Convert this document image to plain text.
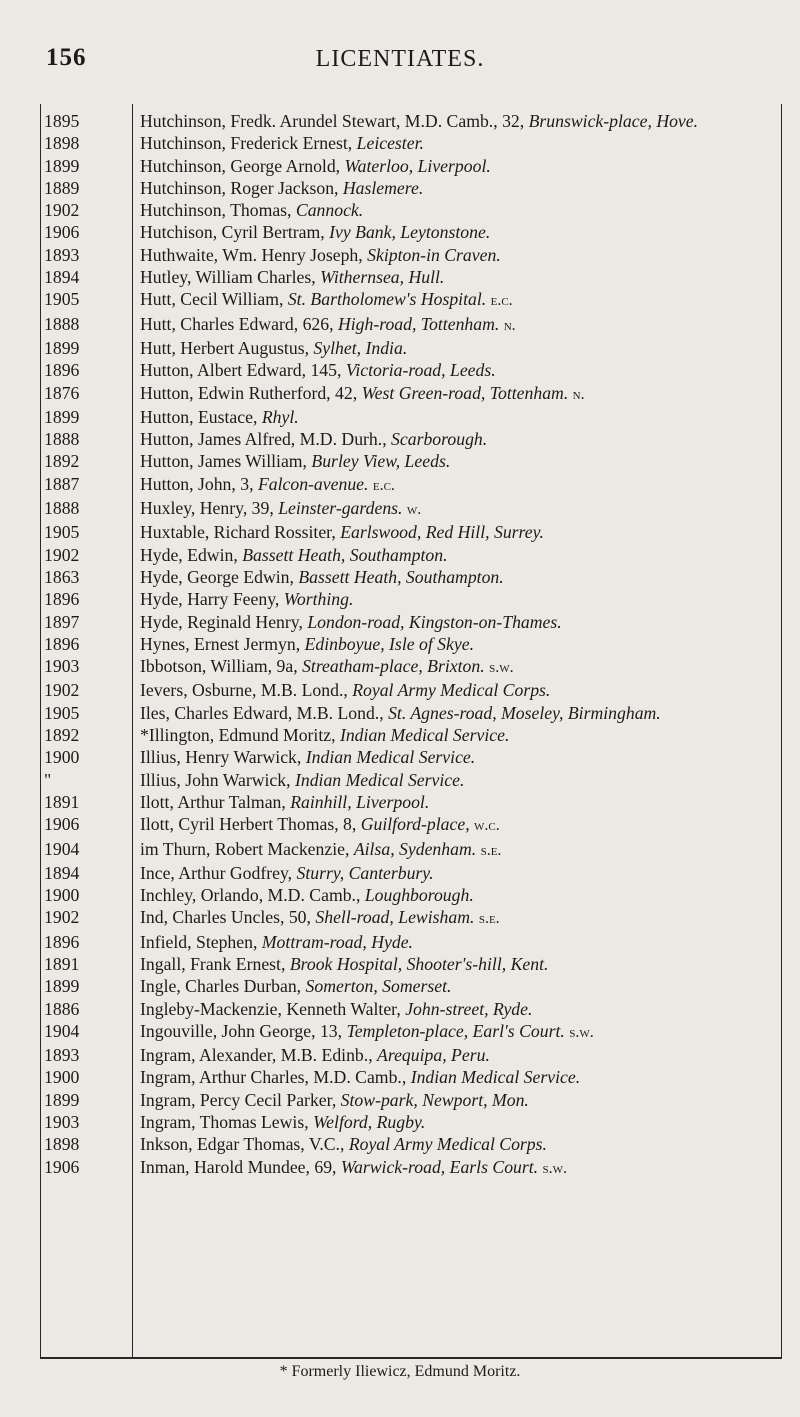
156	LICENTIATES.
1895	Hutchinson, Fredk. Arundel Stewart, M.D. Camb., 32, Brunswick-place, Hove.
1898	Hutchinson, Frederick Ernest, Leicester.
1899	Hutchinson, George Arnold, Waterloo, Liverpool.
1889	Hutchinson, Roger Jackson, Haslemere.
1902	Hutchinson, Thomas, Cannock.
1906	Hutchison, Cyril Bertram, Ivy Bank, Leytonstone.
1893	Huthwaite, Wm. Henry Joseph, Skipton-in Craven.
1894	Hutley, William Charles, Withernsea, Hull.
1905	Hutt, Cecil William, St. Bartholomew's Hospital. e.c.
1888	Hutt, Charles Edward, 626, High-road, Tottenham. n.
1899	Hutt, Herbert Augustus, Sylhet, India.
1896	Hutton, Albert Edward, 145, Victoria-road, Leeds.
1876	Hutton, Edwin Rutherford, 42, West Green-road, Tottenham. n.
1899	Hutton, Eustace, Rhyl.
1888	Hutton, James Alfred, M.D. Durh., Scarborough.
1892	Hutton, James William, Burley View, Leeds.
1887	Hutton, John, 3, Falcon-avenue. e.c.
1888	Huxley, Henry, 39, Leinster-gardens. w.
1905	Huxtable, Richard Rossiter, Earlswood, Red Hill, Surrey.
1902	Hyde, Edwin, Bassett Heath, Southampton.
1863	Hyde, George Edwin, Bassett Heath, Southampton.
1896	Hyde, Harry Feeny, Worthing.
1897	Hyde, Reginald Henry, London-road, Kingston-on-Thames.
1896	Hynes, Ernest Jermyn, Edinboyue, Isle of Skye.
1903	Ibbotson, William, 9a, Streatham-place, Brixton. s.w.
1902	Ievers, Osburne, M.B. Lond., Royal Army Medical Corps.
1905	Iles, Charles Edward, M.B. Lond., St. Agnes-road, Moseley, Birmingham.
1892	*Illington, Edmund Moritz, Indian Medical Service.
1900	Illius, Henry Warwick, Indian Medical Service.
"	Illius, John Warwick, Indian Medical Service.
1891	Ilott, Arthur Talman, Rainhill, Liverpool.
1906	Ilott, Cyril Herbert Thomas, 8, Guilford-place, w.c.
1904	im Thurn, Robert Mackenzie, Ailsa, Sydenham. s.e.
1894	Ince, Arthur Godfrey, Sturry, Canterbury.
1900	Inchley, Orlando, M.D. Camb., Loughborough.
1902	Ind, Charles Uncles, 50, Shell-road, Lewisham. s.e.
1896	Infield, Stephen, Mottram-road, Hyde.
1891	Ingall, Frank Ernest, Brook Hospital, Shooter's-hill, Kent.
1899	Ingle, Charles Durban, Somerton, Somerset.
1886	Ingleby-Mackenzie, Kenneth Walter, John-street, Ryde.
1904	Ingouville, John George, 13, Templeton-place, Earl's Court. s.w.
1893	Ingram, Alexander, M.B. Edinb., Arequipa, Peru.
1900	Ingram, Arthur Charles, M.D. Camb., Indian Medical Service.
1899	Ingram, Percy Cecil Parker, Stow-park, Newport, Mon.
1903	Ingram, Thomas Lewis, Welford, Rugby.
1898	Inkson, Edgar Thomas, V.C., Royal Army Medical Corps.
1906	Inman, Harold Mundee, 69, Warwick-road, Earls Court. s.w.
* Formerly Iliewicz, Edmund Moritz.
